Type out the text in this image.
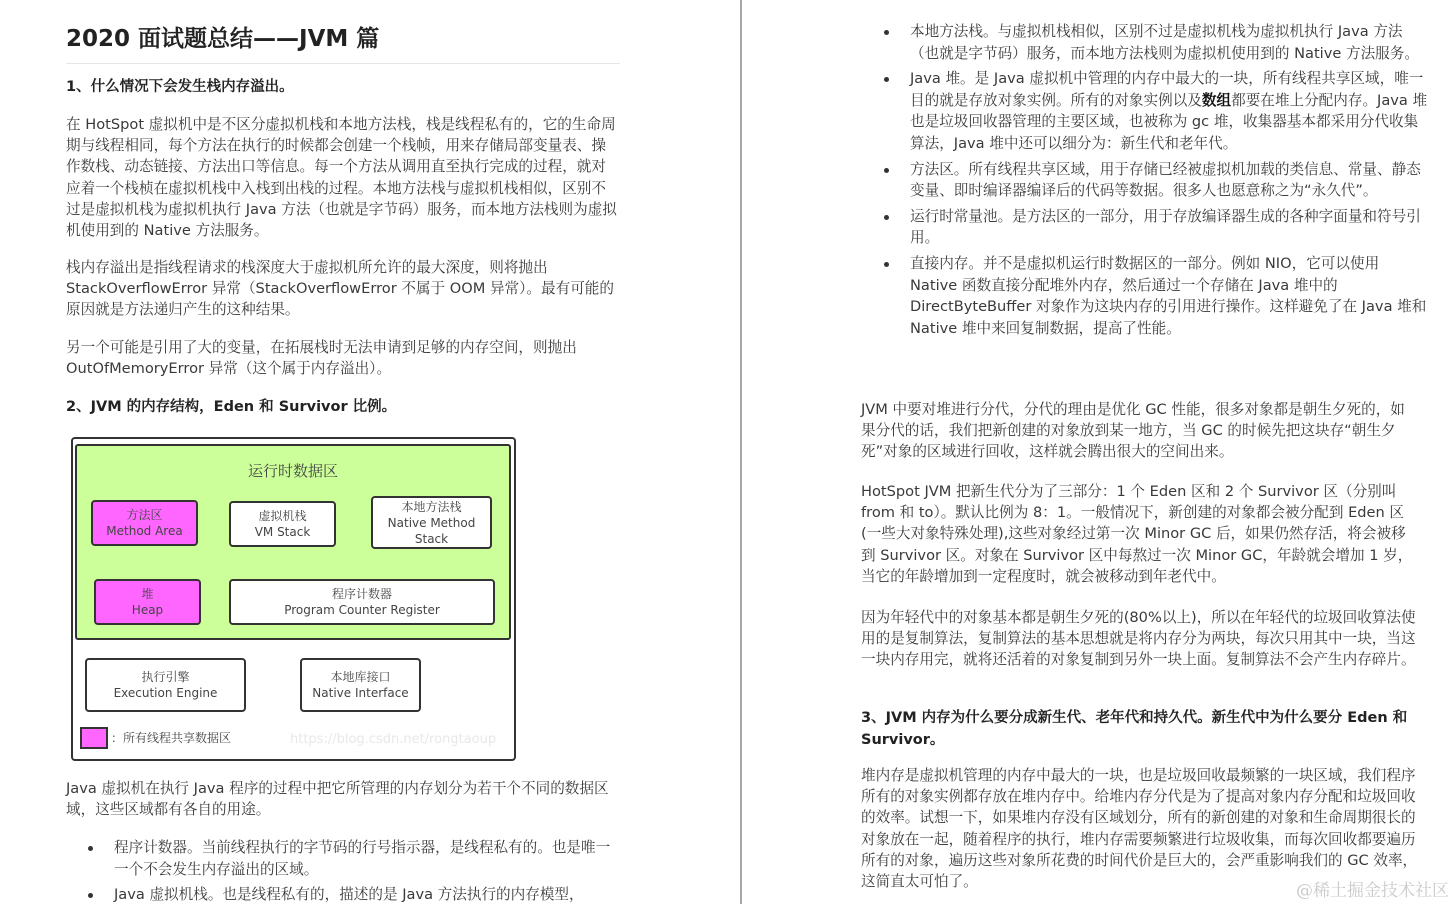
2020 面试题总结——JVM 篇
1、什么情况下会发生栈内存溢出。
在 HotSpot 虚拟机中是不区分虚拟机栈和本地方法栈，栈是线程私有的，它的生命周期与线程相同，每个方法在执行的时候都会创建一个栈帧，用来存储局部变量表、操作数栈、动态链接、方法出口等信息。每一个方法从调用直至执行完成的过程，就对应着一个栈桢在虚拟机栈中入栈到出栈的过程。本地方法栈与虚拟机栈相似，区别不过是虚拟机栈为虚拟机执行 Java 方法（也就是字节码）服务，而本地方法栈则为虚拟机使用到的 Native 方法服务。
栈内存溢出是指线程请求的栈深度大于虚拟机所允许的最大深度，则将抛出 StackOverflowError 异常（StackOverflowError 不属于 OOM 异常）。最有可能的原因就是方法递归产生的这种结果。
另一个可能是引用了大的变量，在拓展栈时无法申请到足够的内存空间，则抛出 OutOfMemoryError 异常（这个属于内存溢出）。
2、JVM 的内存结构，Eden 和 Survivor 比例。
运行时数据区
方法区
Method Area
虚拟机栈
VM Stack
本地方法栈
Native Method Stack
堆
Heap
程序计数器
Program Counter Register
执行引擎
Execution Engine
本地库接口
Native Interface
：所有线程共享数据区	https://blog.csdn.net/rongtaoup
Java 虚拟机在执行 Java 程序的过程中把它所管理的内存划分为若干个不同的数据区域，这些区域都有各自的用途。
程序计数器。当前线程执行的字节码的行号指示器，是线程私有的。也是唯一一个不会发生内存溢出的区域。
Java 虚拟机栈。也是线程私有的，描述的是 Java 方法执行的内存模型，
本地方法栈。与虚拟机栈相似，区别不过是虚拟机栈为虚拟机执行 Java 方法（也就是字节码）服务，而本地方法栈则为虚拟机使用到的 Native 方法服务。
Java 堆。是 Java 虚拟机中管理的内存中最大的一块，所有线程共享区域，唯一目的就是存放对象实例。所有的对象实例以及数组都要在堆上分配内存。Java 堆也是垃圾回收器管理的主要区域，也被称为 gc 堆，收集器基本都采用分代收集算法，Java 堆中还可以细分为：新生代和老年代。
方法区。所有线程共享区域，用于存储已经被虚拟机加载的类信息、常量、静态变量、即时编译器编译后的代码等数据。很多人也愿意称之为“永久代”。
运行时常量池。是方法区的一部分，用于存放编译器生成的各种字面量和符号引用。
直接内存。并不是虚拟机运行时数据区的一部分。例如 NIO，它可以使用 Native 函数直接分配堆外内存，然后通过一个存储在 Java 堆中的 DirectByteBuffer 对象作为这块内存的引用进行操作。这样避免了在 Java 堆和 Native 堆中来回复制数据，提高了性能。
JVM 中要对堆进行分代，分代的理由是优化 GC 性能，很多对象都是朝生夕死的，如果分代的话，我们把新创建的对象放到某一地方，当 GC 的时候先把这块存“朝生夕死”对象的区域进行回收，这样就会腾出很大的空间出来。
HotSpot JVM 把新生代分为了三部分：1 个 Eden 区和 2 个 Survivor 区（分别叫 from 和 to）。默认比例为 8：1。一般情况下，新创建的对象都会被分配到 Eden 区(一些大对象特殊处理),这些对象经过第一次 Minor GC 后，如果仍然存活，将会被移到 Survivor 区。对象在 Survivor 区中每熬过一次 Minor GC，年龄就会增加 1 岁，当它的年龄增加到一定程度时，就会被移动到年老代中。
因为年轻代中的对象基本都是朝生夕死的(80%以上)，所以在年轻代的垃圾回收算法使用的是复制算法，复制算法的基本思想就是将内存分为两块，每次只用其中一块，当这一块内存用完，就将还活着的对象复制到另外一块上面。复制算法不会产生内存碎片。
3、JVM 内存为什么要分成新生代、老年代和持久代。新生代中为什么要分 Eden 和 Survivor。
堆内存是虚拟机管理的内存中最大的一块，也是垃圾回收最频繁的一块区域，我们程序所有的对象实例都存放在堆内存中。给堆内存分代是为了提高对象内存分配和垃圾回收的效率。试想一下，如果堆内存没有区域划分，所有的新创建的对象和生命周期很长的对象放在一起，随着程序的执行，堆内存需要频繁进行垃圾收集，而每次回收都要遍历所有的对象，遍历这些对象所花费的时间代价是巨大的，会严重影响我们的 GC 效率，这简直太可怕了。	@稀土掘金技术社区
